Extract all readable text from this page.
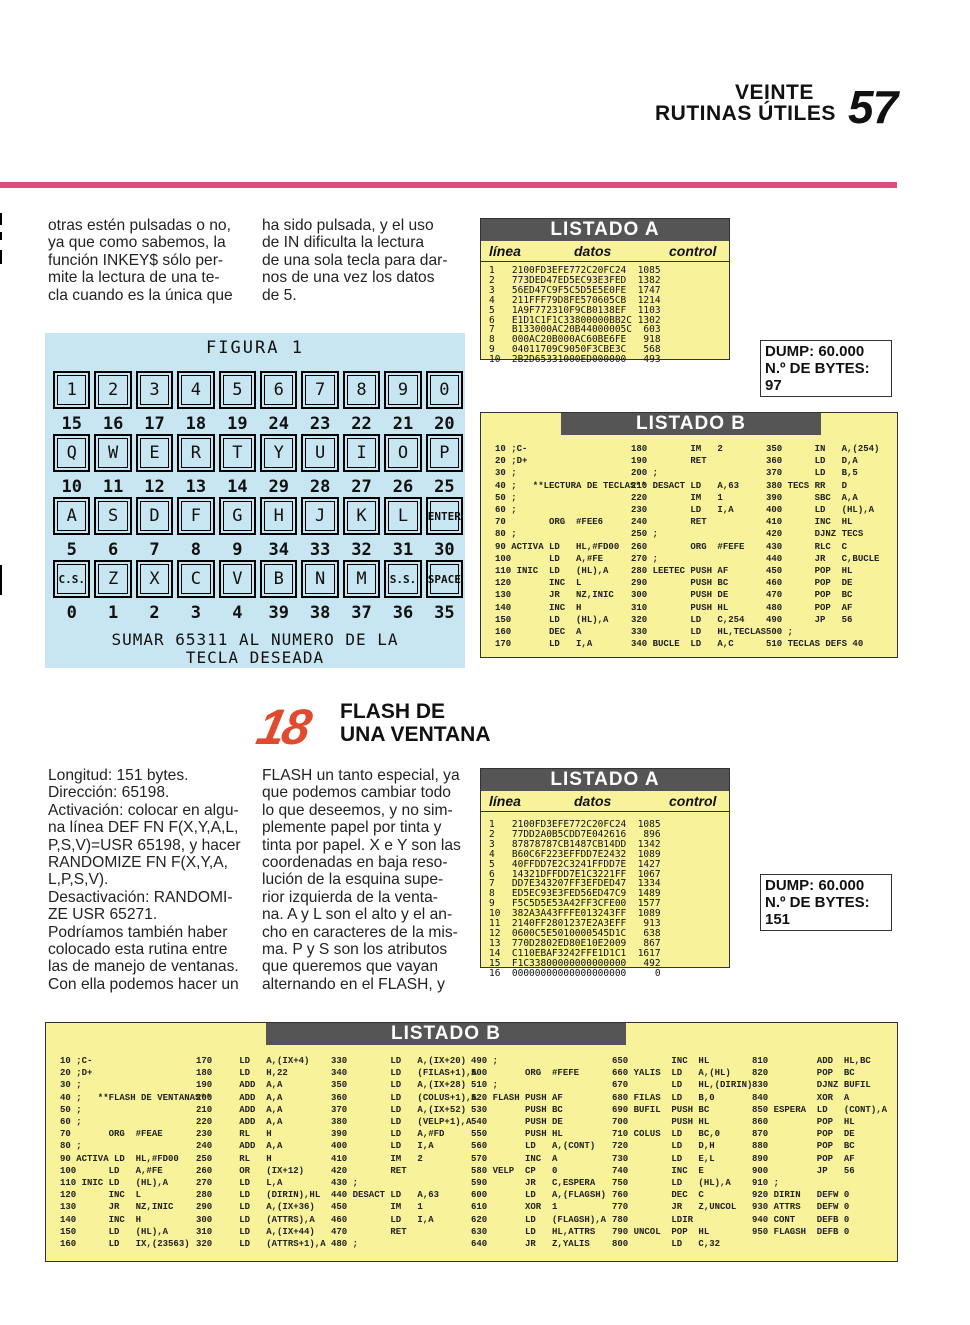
VEINTE
RUTINAS ÚTILES 57
otras estén pulsadas o no,
ya que como sabemos, la
función INKEY$ sólo per-
mite la lectura de una te-
cla cuando es la única que
ha sido pulsada, y el uso
de IN dificulta la lectura
de una sola tecla para dar-
nos de una vez los datos
de 5.
FIGURA 1
1	2	3	4	5	6	7	8	9	0
15	16	17	18	19	24	23	22	21	20
Q	W	E	R	T	Y	U	I	O	P
10	11	12	13	14	29	28	27	26	25
A	S	D	F	G	H	J	K	L	ENTER
5	6	7	8	9	34	33	32	31	30
C.S.	Z	X	C	V	B	N	M	S.S.	SPACE
0	1	2	3	4	39	38	37	36	35
SUMAR 65311 AL NUMERO DE LA
TECLA DESEADA
LISTADO A
línea	datos	control
1   2100FD3EFE772C20FC24  1085
2   773DED47ED5EC93E3FED  1382
3   56ED47C9F5C5D5E5E0FE  1747
4   211FFF79D8FE570605CB  1214
5   1A9F772310F9CB0138EF  1103
6   E1D1C1F1C33800000BB2C 1302
7   B133000AC20B44000005C  603
8   000AC20B000AC60BE6FE   918
9   04011709C9050F3CBE3C   568
10  2B2D65331000ED000000   493	DUMP: 60.000
N.º DE BYTES: 97
LISTADO B
10 ;C-
20 ;D+
30 ;
40 ;   **LECTURA DE TECLAS**
50 ;
60 ;
70        ORG  #FEE6
80 ;
90 ACTIVA LD   HL,#FD00
100       LD   A,#FE
110 INIC  LD   (HL),A
120       INC  L
130       JR   NZ,INIC
140       INC  H
150       LD   (HL),A
160       DEC  A
170       LD   I,A
180        IM   2
190        RET
200 ;
210 DESACT LD   A,63
220        IM   1
230        LD   I,A
240        RET
250 ;
260        ORG  #FEFE
270 ;
280 LEETEC PUSH AF
290        PUSH BC
300        PUSH DE
310        PUSH HL
320        LD   C,254
330        LD   HL,TECLAS
340 BUCLE  LD   A,C
350      IN   A,(254)
360      LD   D,A
370      LD   B,5
380 TECS RR   D
390      SBC  A,A
400      LD   (HL),A
410      INC  HL
420      DJNZ TECS
430      RLC  C
440      JR   C,BUCLE
450      POP  HL
460      POP  DE
470      POP  BC
480      POP  AF
490      JP   56
500 ;
510 TECLAS DEFS 40
18 FLASH DE
UNA VENTANA
Longitud: 151 bytes.
Dirección: 65198.
Activación: colocar en algu-
na línea DEF FN F(X,Y,A,L,
P,S,V)=USR 65198, y hacer
RANDOMIZE FN F(X,Y,A,
L,P,S,V).
Desactivación: RANDOMI-
ZE USR 65271.
Podríamos también haber
colocado esta rutina entre
las de manejo de ventanas.
Con ella podemos hacer un
FLASH un tanto especial, ya
que podemos cambiar todo
lo que deseemos, y no sim-
plemente papel por tinta y
tinta por papel. X e Y son las
coordenadas en baja reso-
lución de la esquina supe-
rior izquierda de la venta-
na. A y L son el alto y el an-
cho en caracteres de la mis-
ma. P y S son los atributos
que queremos que vayan
alternando en el FLASH, y
LISTADO A
línea	datos	control
1   2100FD3EFE772C20FC24  1085
2   77DD2A0B5CDD7E042616   896
3   87878787CB1487CB14DD  1342
4   B60C6F223EFFDD7E2432  1089
5   40FFDD7E2C3241FFDD7E  1427
6   14321DFFDD7E1C3221FF  1067
7   DD7E343207FF3EFDED47  1334
8   ED5EC93E3FED56ED47C9  1489
9   F5C5D5E53A42FF3CFE00  1577
10  382A3A43FFFE013243FF  1089
11  2140FF2801237E2A3EFF   913
12  0600C5E5010000545D1C   638
13  770D2802ED80E10E2009   867
14  C110EBAF3242FFE1D1C1  1617
15  F1C33800000000000000   492
16  00000000000000000000     0
DUMP: 60.000
N.º DE BYTES: 151
LISTADO B
10 ;C-
20 ;D+
30 ;
40 ;   **FLASH DE VENTANAS**
50 ;
60 ;
70       ORG  #FEAE
80 ;
90 ACTIVA LD  HL,#FD00
100      LD   A,#FE
110 INIC LD   (HL),A
120      INC  L
130      JR   NZ,INIC
140      INC  H
150      LD   (HL),A
160      LD   IX,(23563)
170     LD   A,(IX+4)
180     LD   H,22
190     ADD  A,A
200     ADD  A,A
210     ADD  A,A
220     ADD  A,A
230     RL   H
240     ADD  A,A
250     RL   H
260     OR   (IX+12)
270     LD   L,A
280     LD   (DIRIN),HL
290     LD   A,(IX+36)
300     LD   (ATTRS),A
310     LD   A,(IX+44)
320     LD   (ATTRS+1),A
330        LD   A,(IX+20)
340        LD   (FILAS+1),A
350        LD   A,(IX+28)
360        LD   (COLUS+1),A
370        LD   A,(IX+52)
380        LD   (VELP+1),A
390        LD   A,#FD
400        LD   I,A
410        IM   2
420        RET
430 ;
440 DESACT LD   A,63
450        IM   1
460        LD   I,A
470        RET
480 ;
490 ;
500       ORG  #FEFE
510 ;
520 FLASH PUSH AF
530       PUSH BC
540       PUSH DE
550       PUSH HL
560       LD   A,(CONT)
570       INC  A
580 VELP  CP   0
590       JR   C,ESPERA
600       LD   A,(FLAGSH)
610       XOR  1
620       LD   (FLAGSH),A
630       LD   HL,ATTRS
640       JR   Z,YALIS
650        INC  HL
660 YALIS  LD   A,(HL)
670        LD   HL,(DIRIN)
680 FILAS  LD   B,0
690 BUFIL  PUSH BC
700        PUSH HL
710 COLUS  LD   BC,0
720        LD   D,H
730        LD   E,L
740        INC  E
750        LD   (HL),A
760        DEC  C
770        JR   Z,UNCOL
780        LDIR
790 UNCOL  POP  HL
800        LD   C,32
810         ADD  HL,BC
820         POP  BC
830         DJNZ BUFIL
840         XOR  A
850 ESPERA  LD   (CONT),A
860         POP  HL
870         POP  DE
880         POP  BC
890         POP  AF
900         JP   56
910 ;
920 DIRIN   DEFW 0
930 ATTRS   DEFW 0
940 CONT    DEFB 0
950 FLAGSH  DEFB 0
